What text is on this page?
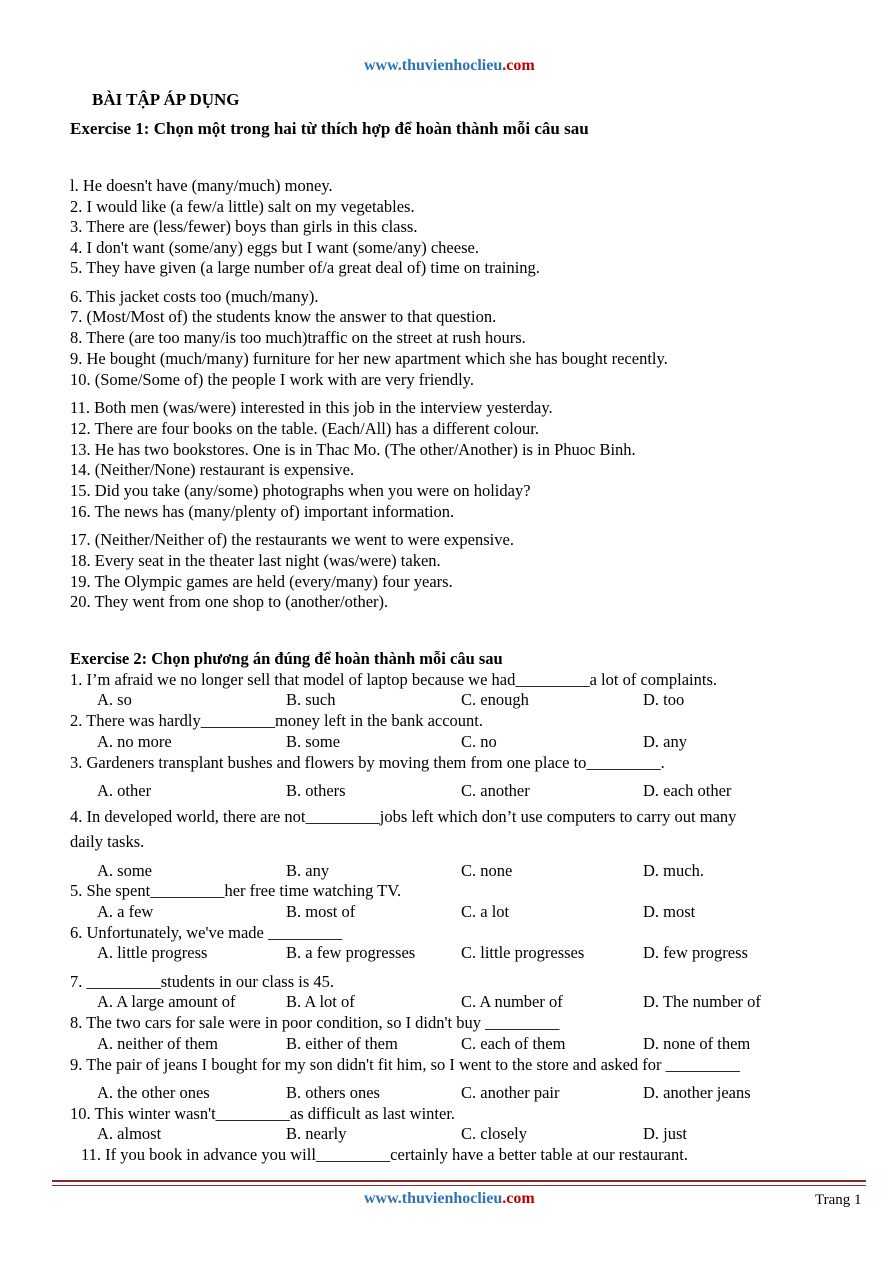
www.thuvienhoclieu.com
BÀI TẬP ÁP DỤNG
Exercise 1: Chọn một trong hai từ thích hợp để hoàn thành mỗi câu sau
l. He doesn't have (many/much) money.
2. I would like (a few/a little) salt on my vegetables.
3. There are (less/fewer) boys than girls in this class.
4. I don't want (some/any) eggs but I want (some/any) cheese.
5. They have given (a large number of/a great deal of) time on training.
6. This jacket costs too (much/many).
7. (Most/Most of) the students know the answer to that question.
8. There (are too many/is too much)traffic on the street at rush hours.
9. He bought (much/many) furniture for her new apartment which she has bought recently.
10. (Some/Some of) the people I work with are very friendly.
11. Both men (was/were) interested in this job in the interview yesterday.
12. There are four books on the table. (Each/All) has a different colour.
13. He has two bookstores. One is in Thac Mo. (The other/Another) is in Phuoc Binh.
14. (Neither/None) restaurant is expensive.
15. Did you take (any/some) photographs when you were on holiday?
16. The news has (many/plenty of) important information.
17. (Neither/Neither of) the restaurants we went to were expensive.
18. Every seat in the theater last night (was/were) taken.
19. The Olympic games are held (every/many) four years.
20. They went from one shop to (another/other).
Exercise 2: Chọn phương án đúng để hoàn thành mỗi câu sau
1. I’m afraid we no longer sell that model of laptop because we had_________a lot of complaints.
A. so	B. such	C. enough	D. too
2. There was hardly_________money left in the bank account.
A. no more	B. some	C. no	D. any
3. Gardeners transplant bushes and flowers by moving them from one place to_________.
A. other	B. others	C. another	D. each other
4. In developed world, there are not_________jobs left which don’t use computers to carry out many
daily tasks.
A. some	B. any	C. none	D. much.
5. She spent_________her free time watching TV.
A. a few	B. most of	C. a lot	D. most
6. Unfortunately, we've made _________
A. little progress	B. a few progresses	C. little progresses	D. few progress
7. _________students in our class is 45.
A. A large amount of	B. A lot of	C. A number of	D. The number of
8. The two cars for sale were in poor condition, so I didn't buy _________
A. neither of them	B. either of them	C. each of them	D. none of them
9. The pair of jeans I bought for my son didn't fit him, so I went to the store and asked for _________
A. the other ones	B. others ones	C. another pair	D. another jeans
10. This winter wasn't_________as difficult as last winter.
A. almost	B. nearly	C. closely	D. just
11. If you book in advance you will_________certainly have a better table at our restaurant.
www.thuvienhoclieu.com	Trang 1
